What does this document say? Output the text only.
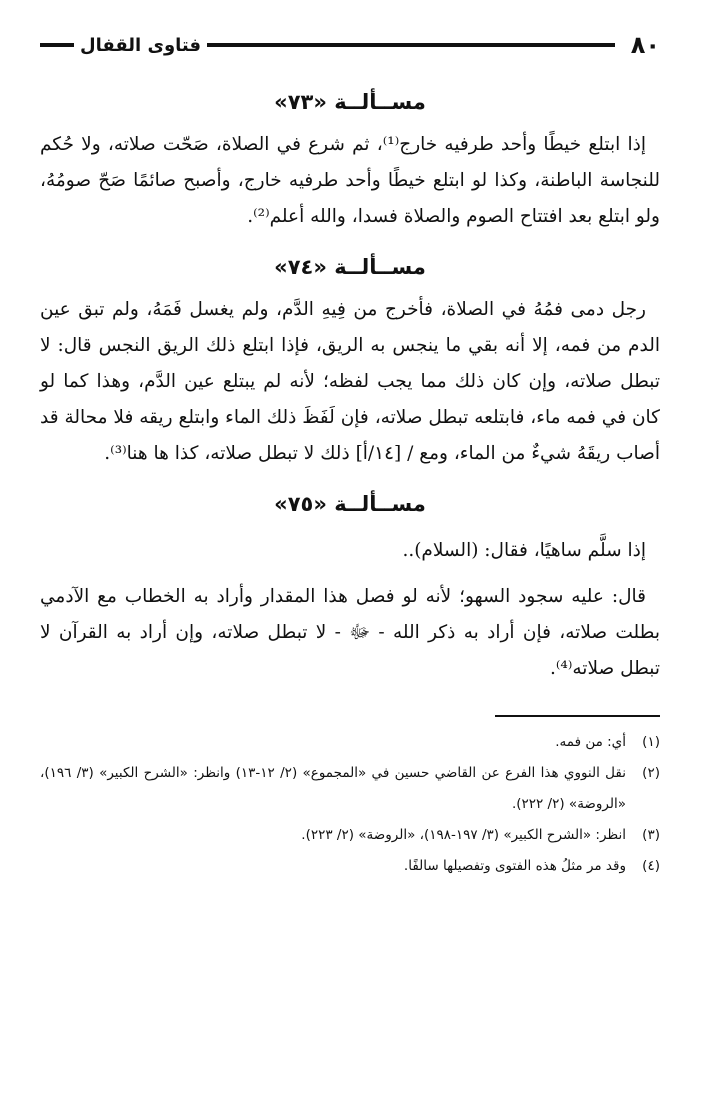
٨٠
فتاوى القفال
مســألــة «٧٣»

إذا ابتلع خيطًا وأحد طرفيه خارج⁽¹⁾، ثم شرع في الصلاة، صَحّت صلاته، ولا حُكم للنجاسة الباطنة، وكذا لو ابتلع خيطًا وأحد طرفيه خارج، وأصبح صائمًا صَحّ صومُهُ، ولو ابتلع بعد افتتاح الصوم والصلاة فسدا، والله أعلم⁽²⁾.

مســألــة «٧٤»

رجل دمى فمُهُ في الصلاة، فأخرج من فِيهِ الدَّم، ولم يغسل فَمَهُ، ولم تبق عين الدم من فمه، إلا أنه بقي ما ينجس به الريق، فإذا ابتلع ذلك الريق النجس قال: لا تبطل صلاته، وإن كان ذلك مما يجب لفظه؛ لأنه لم يبتلع عين الدَّم، وهذا كما لو كان في فمه ماء، فابتلعه تبطل صلاته، فإن لَفَظَ ذلك الماء وابتلع ريقه فلا محالة قد أصاب ريقَهُ شيءٌ من الماء، ومع / [١٤/أ] ذلك لا تبطل صلاته، كذا ها هنا⁽³⁾.

مســألــة «٧٥»

إذا سلَّم ساهيًا، فقال: (السلام)..

قال: عليه سجود السهو؛ لأنه لو فصل هذا المقدار وأراد به الخطاب مع الآدمي بطلت صلاته، فإن أراد به ذكر الله - ﷻ - لا تبطل صلاته، وإن أراد به القرآن لا تبطل صلاته⁽⁴⁾.

(١)
أي: من فمه.
(٢)
نقل النووي هذا الفرع عن القاضي حسين في «المجموع» (٢/ ١٢-١٣) وانظر: «الشرح الكبير» (٣/ ١٩٦)، «الروضة» (٢/ ٢٢٢).
(٣)
انظر: «الشرح الكبير» (٣/ ١٩٧-١٩٨)، «الروضة» (٢/ ٢٢٣).
(٤)
وقد مر مثلُ هذه الفتوى وتفصيلها سالفًا.
